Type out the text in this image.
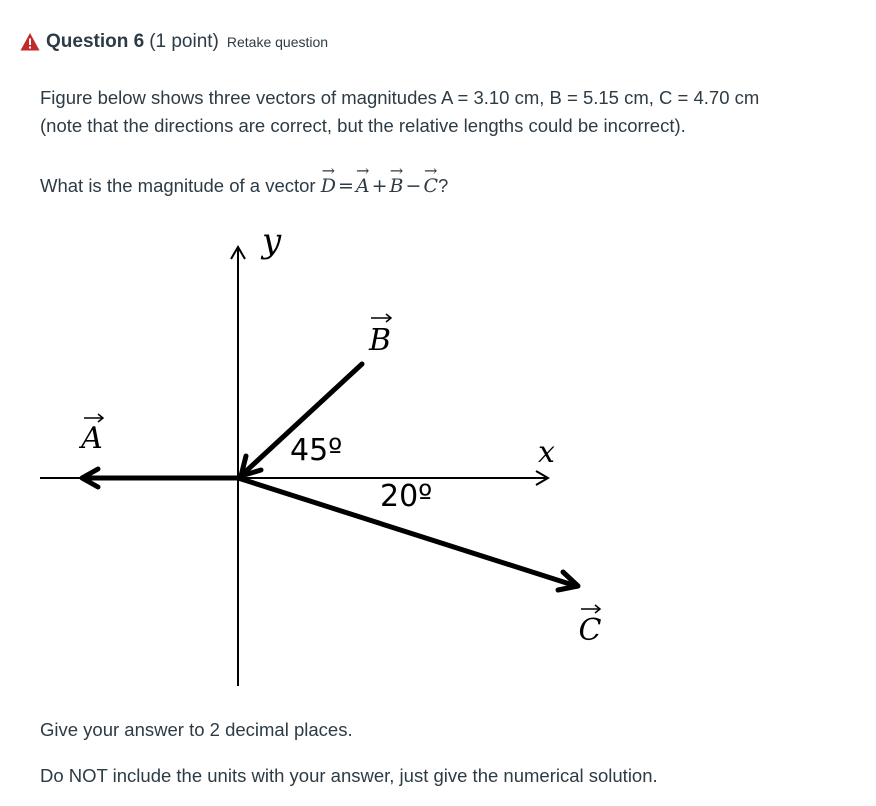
Question 6 (1 point) Retake question
Figure below shows three vectors of magnitudes A = 3.10 cm, B = 5.15 cm, C = 4.70 cm (note that the directions are correct, but the relative lengths could be incorrect).
What is the magnitude of a vector → D = → A + → B − → C?
y
x
A
B
45º
C
20º
Give your answer to 2 decimal places.
Do NOT include the units with your answer, just give the numerical solution.
